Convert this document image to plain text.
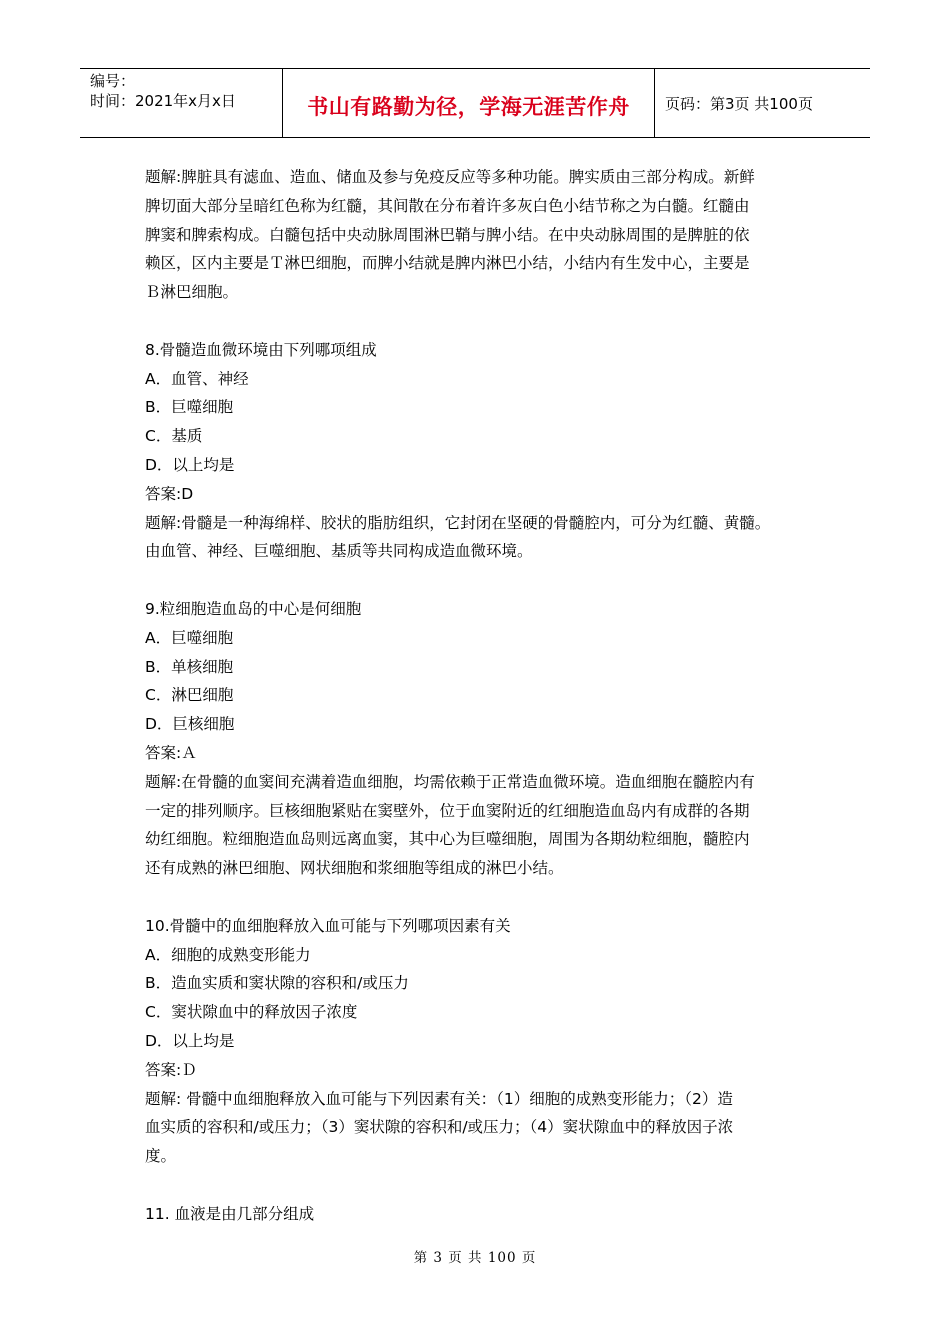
编号：
时间：2021年x月x日	书山有路勤为径，学海无涯苦作舟	页码：第3页 共100页

题解:脾脏具有滤血、造血、储血及参与免疫反应等多种功能。脾实质由三部分构成。新鲜

脾切面大部分呈暗红色称为红髓，其间散在分布着许多灰白色小结节称之为白髓。红髓由

脾窦和脾索构成。白髓包括中央动脉周围淋巴鞘与脾小结。在中央动脉周围的是脾脏的依

赖区，区内主要是Ｔ淋巴细胞，而脾小结就是脾内淋巴小结，小结内有生发中心，主要是

Ｂ淋巴细胞。

8.骨髓造血微环境由下列哪项组成

A．血管、神经

B．巨噬细胞

C．基质

D．以上均是

答案:D

题解:骨髓是一种海绵样、胶状的脂肪组织，它封闭在坚硬的骨髓腔内，可分为红髓、黄髓。

由血管、神经、巨噬细胞、基质等共同构成造血微环境。

9.粒细胞造血岛的中心是何细胞

A．巨噬细胞

B．单核细胞

C．淋巴细胞

D．巨核细胞

答案:Ａ

题解:在骨髓的血窦间充满着造血细胞，均需依赖于正常造血微环境。造血细胞在髓腔内有

一定的排列顺序。巨核细胞紧贴在窦壁外，位于血窦附近的红细胞造血岛内有成群的各期

幼红细胞。粒细胞造血岛则远离血窦，其中心为巨噬细胞，周围为各期幼粒细胞，髓腔内

还有成熟的淋巴细胞、网状细胞和浆细胞等组成的淋巴小结。

10.骨髓中的血细胞释放入血可能与下列哪项因素有关

A．细胞的成熟变形能力

B．造血实质和窦状隙的容积和/或压力

C．窦状隙血中的释放因子浓度

D．以上均是

答案:Ｄ

题解: 骨髓中血细胞释放入血可能与下列因素有关：（1）细胞的成熟变形能力；（2）造

血实质的容积和/或压力；（3）窦状隙的容积和/或压力；（4）窦状隙血中的释放因子浓

度。

11. 血液是由几部分组成

第 3 页 共 100 页
